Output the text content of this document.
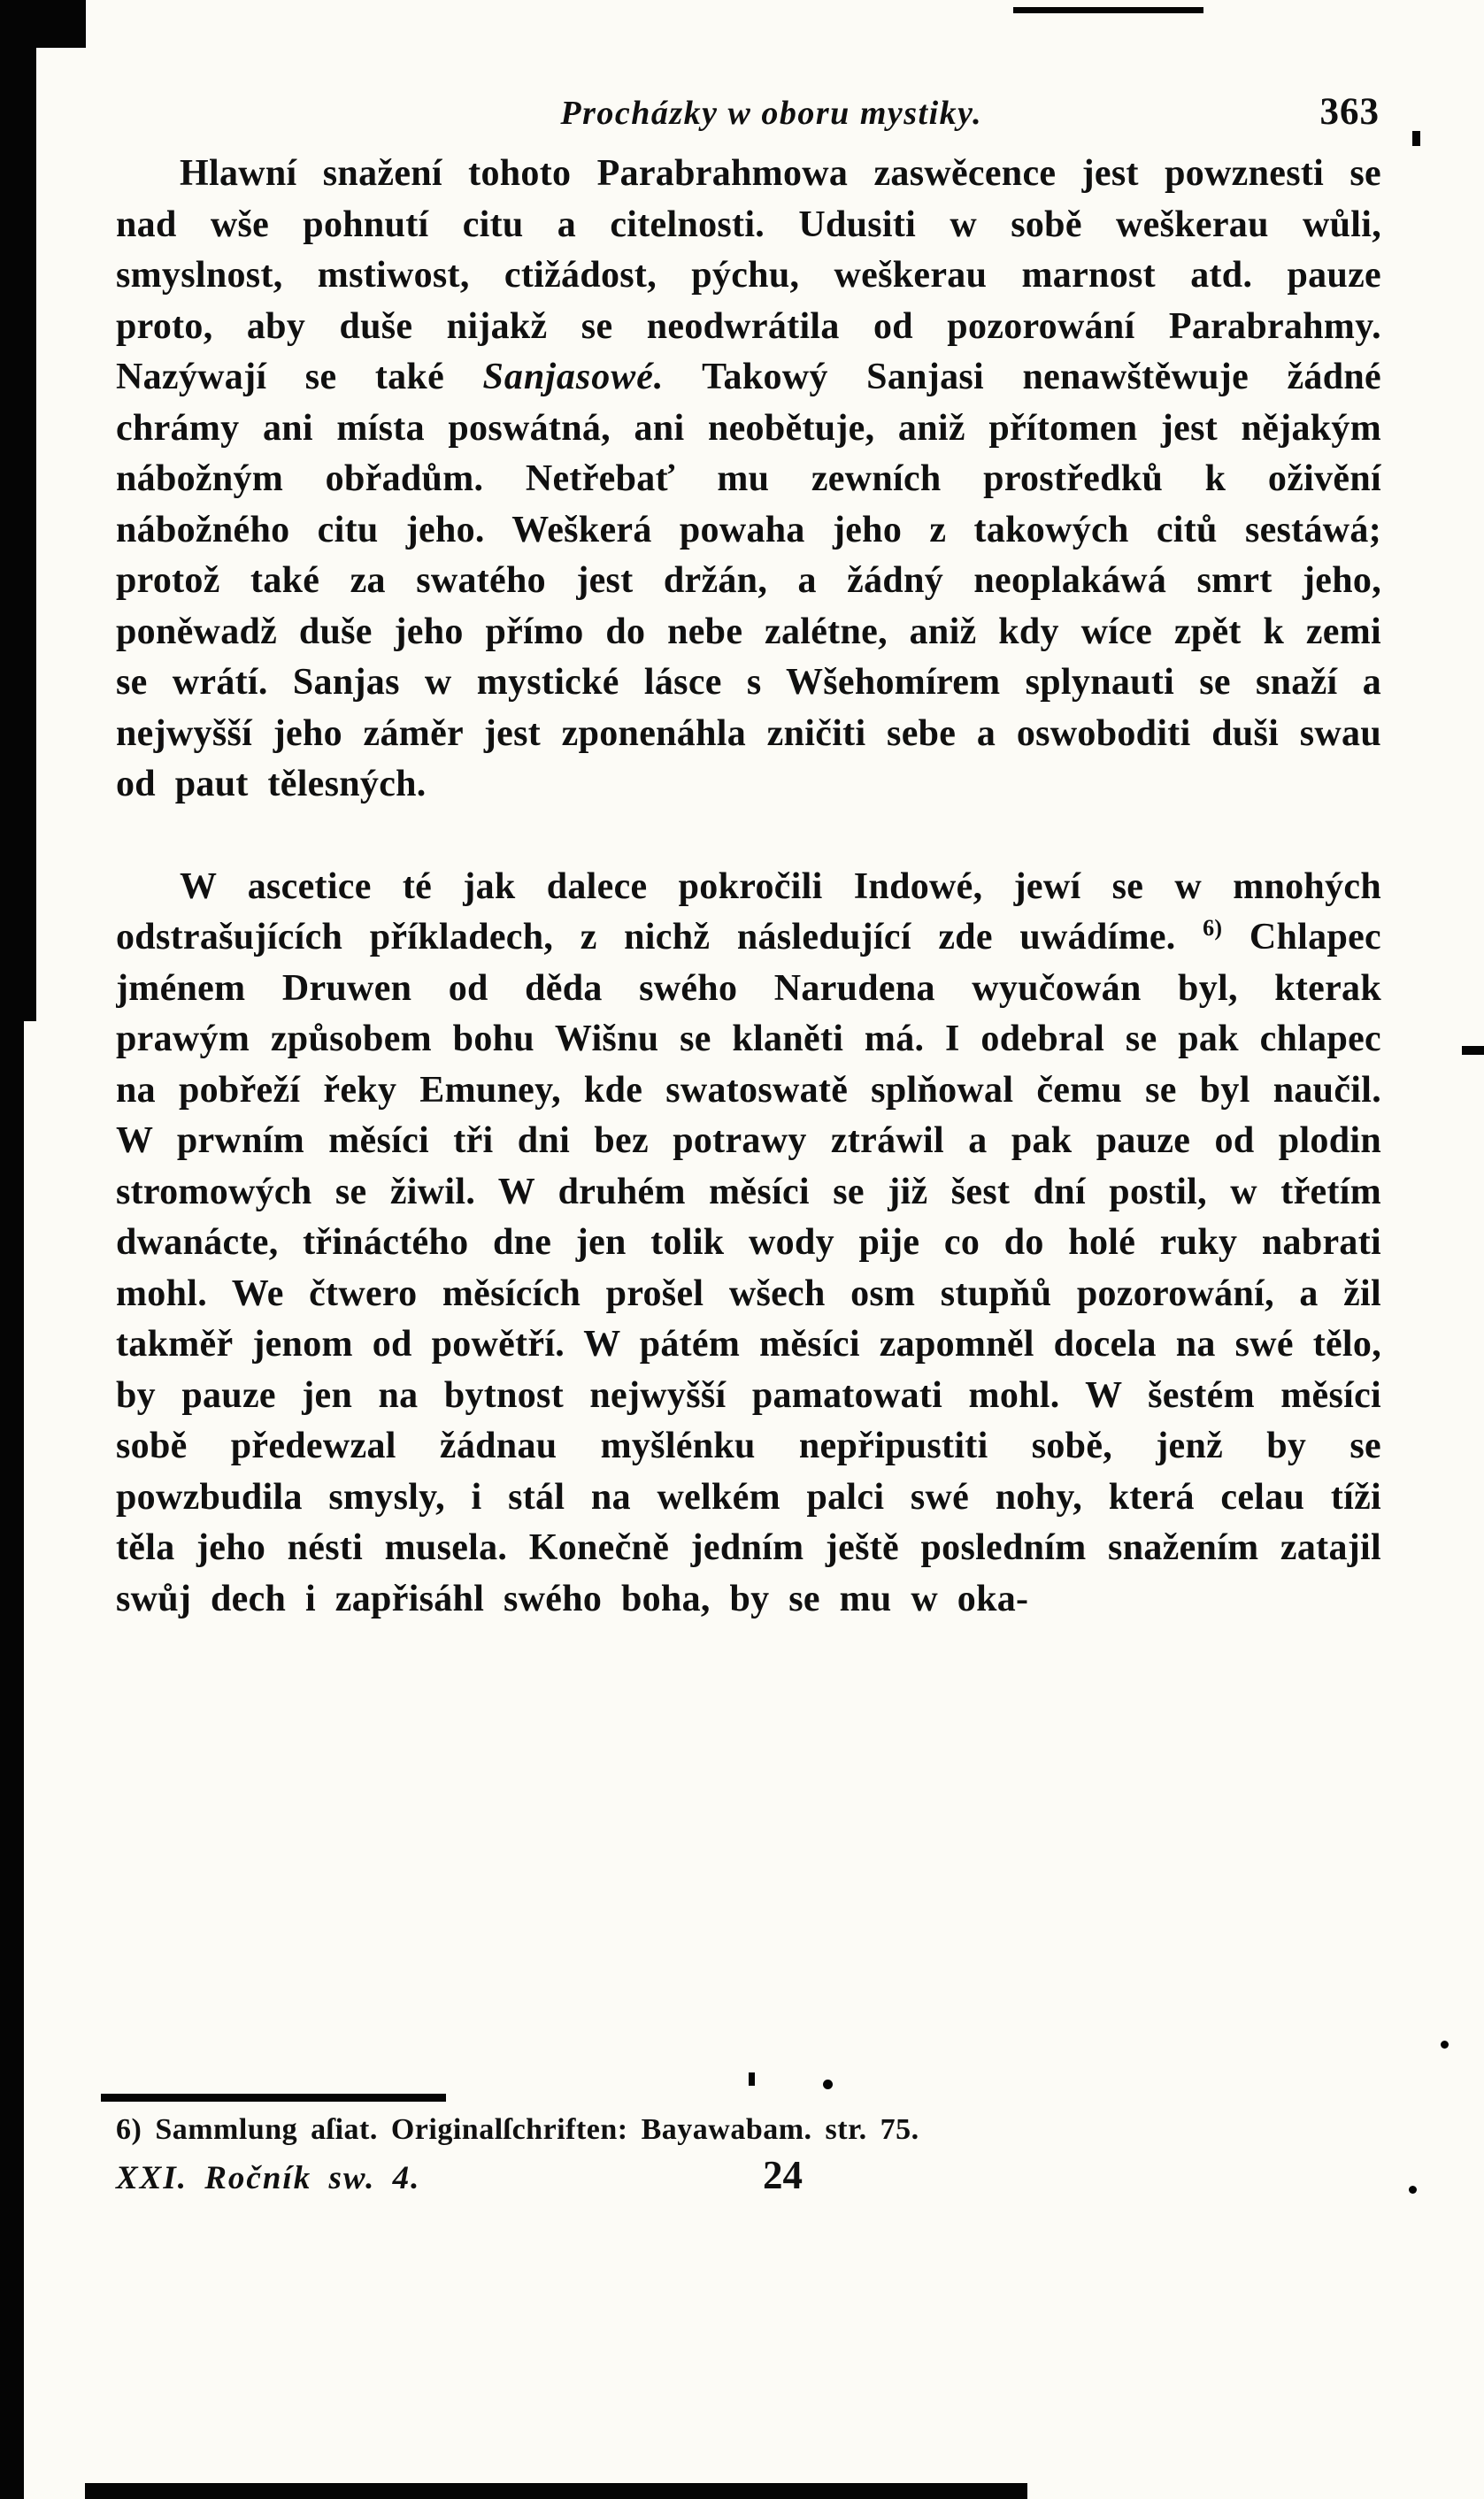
Procházky w oboru mystiky.	363

Hlawní snažení tohoto Parabrahmowa zaswěcence jest powznesti se nad wše pohnutí citu a citelnosti. Udusiti w sobě weškerau wůli, smyslnost, mstiwost, ctižádost, pýchu, weškerau marnost atd. pauze proto, aby duše nijakž se neodwrátila od pozorowání Parabrahmy. Nazýwají se také Sanjasowé. Takowý Sanjasi nenawštěwuje žádné chrámy ani místa poswátná, ani neobětuje, aniž přítomen jest nějakým nábožným obřadům. Netřebať mu zewních prostředků k oživění nábožného citu jeho. Weškerá powaha jeho z takowých citů sestáwá; protož také za swatého jest držán, a žádný neoplakáwá smrt jeho, poněwadž duše jeho přímo do nebe zalétne, aniž kdy wíce zpět k zemi se wrátí. Sanjas w mystické lásce s Wšehomírem splynauti se snaží a nejwyšší jeho záměr jest zponenáhla zničiti sebe a oswoboditi duši swau od paut tělesných.

W ascetice té jak dalece pokročili Indowé, jewí se w mnohých odstrašujících příkladech, z nichž následující zde uwádíme. $^{6)}$ Chlapec jménem Druwen od děda swého Narudena wyučowán byl, kterak prawým způsobem bohu Wišnu se klaněti má. I odebral se pak chlapec na pobřeží řeky Emuney, kde swatoswatě splňowal čemu se byl naučil. W prwním měsíci tři dni bez potrawy ztráwil a pak pauze od plodin stromowých se žiwil. W druhém měsíci se již šest dní postil, w třetím dwanácte, třináctého dne jen tolik wody pije co do holé ruky nabrati mohl. We čtwero měsících prošel wšech osm stupňů pozorowání, a žil takměř jenom od powětří. W pátém měsíci zapomněl docela na swé tělo, by pauze jen na bytnost nejwyšší pamatowati mohl. W šestém měsíci sobě předewzal žádnau myšlénku nepřipustiti sobě, jenž by se powzbudila smysly, i stál na welkém palci swé nohy, která celau tíži těla jeho nésti musela. Konečně jedním ještě posledním snažením zatajil swůj dech i zapřisáhl swého boha, by se mu w oka-

6) Sammlung aſiat. Originalſchriften: Bayawabam. str. 75.
XXI. Ročník sw. 4.	24
